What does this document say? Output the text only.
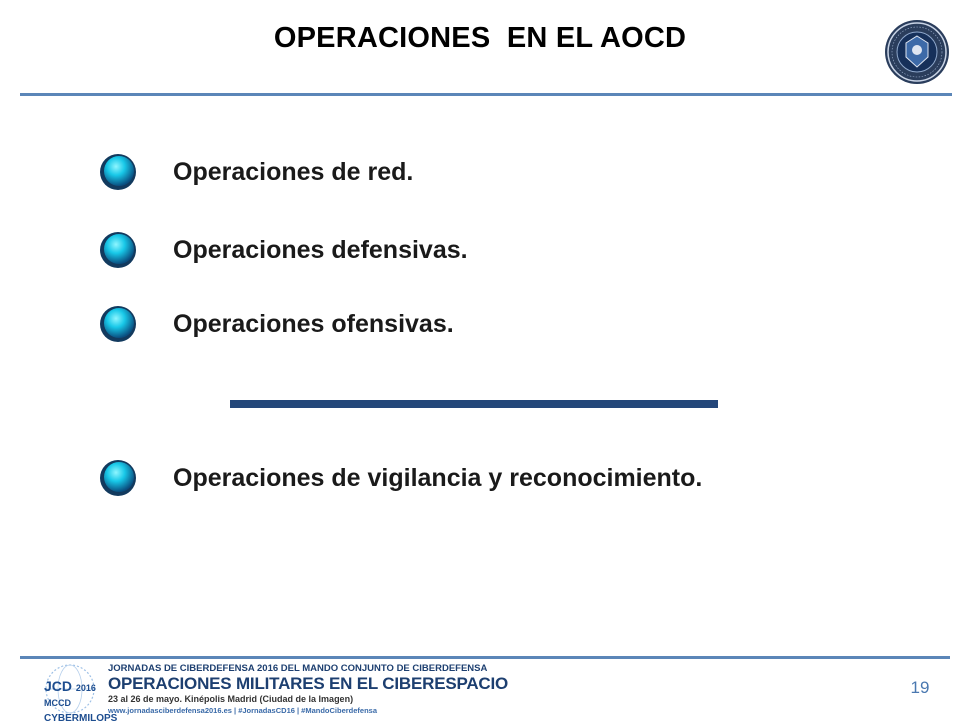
OPERACIONES  EN EL AOCD
Operaciones de red.
Operaciones defensivas.
Operaciones ofensivas.
Operaciones de vigilancia y reconocimiento.
JCD 2016
MCCD
CYBERMILOPS
JORNADAS DE CIBERDEFENSA 2016 DEL MANDO CONJUNTO DE CIBERDEFENSA
OPERACIONES MILITARES EN EL CIBERESPACIO
23 al 26 de mayo. Kinépolis Madrid (Ciudad de la Imagen)
www.jornadasciberdefensa2016.es | #JornadasCD16 | #MandoCiberdefensa
19
